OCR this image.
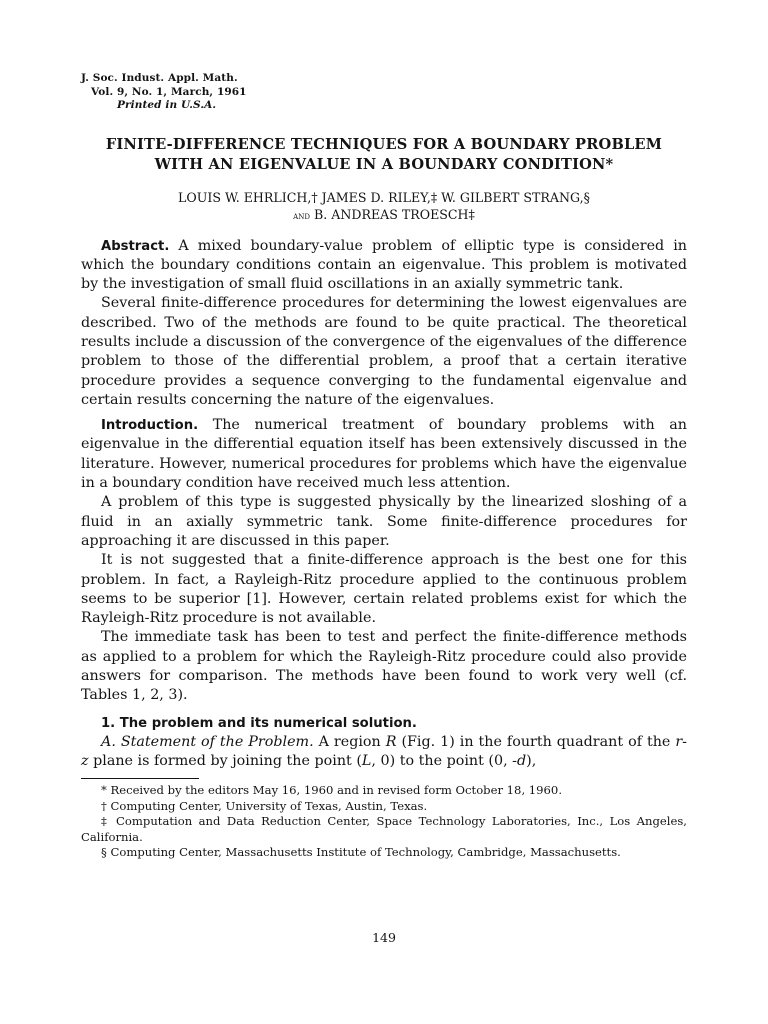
J. Soc. Indust. Appl. Math.
Vol. 9, No. 1, March, 1961
Printed in U.S.A.
FINITE-DIFFERENCE TECHNIQUES FOR A BOUNDARY PROBLEM WITH AN EIGENVALUE IN A BOUNDARY CONDITION*
LOUIS W. EHRLICH,† JAMES D. RILEY,‡ W. GILBERT STRANG,§
and B. ANDREAS TROESCH‡

Abstract. A mixed boundary-value problem of elliptic type is considered in which the boundary conditions contain an eigenvalue. This problem is motivated by the investigation of small fluid oscillations in an axially symmetric tank.

Several finite-difference procedures for determining the lowest eigenvalues are described. Two of the methods are found to be quite practical. The theoretical results include a discussion of the convergence of the eigenvalues of the difference problem to those of the differential problem, a proof that a certain iterative procedure provides a sequence converging to the fundamental eigenvalue and certain results concerning the nature of the eigenvalues.

Introduction. The numerical treatment of boundary problems with an eigenvalue in the differential equation itself has been extensively discussed in the literature. However, numerical procedures for problems which have the eigenvalue in a boundary condition have received much less attention.

A problem of this type is suggested physically by the linearized sloshing of a fluid in an axially symmetric tank. Some finite-difference procedures for approaching it are discussed in this paper.

It is not suggested that a finite-difference approach is the best one for this problem. In fact, a Rayleigh-Ritz procedure applied to the continuous problem seems to be superior [1]. However, certain related problems exist for which the Rayleigh-Ritz procedure is not available.

The immediate task has been to test and perfect the finite-difference methods as applied to a problem for which the Rayleigh-Ritz procedure could also provide answers for comparison. The methods have been found to work very well (cf. Tables 1, 2, 3).

1. The problem and its numerical solution.

A. Statement of the Problem. A region R (Fig. 1) in the fourth quadrant of the r-z plane is formed by joining the point (L, 0) to the point (0, -d),

* Received by the editors May 16, 1960 and in revised form October 18, 1960.

† Computing Center, University of Texas, Austin, Texas.

‡ Computation and Data Reduction Center, Space Technology Laboratories, Inc., Los Angeles, California.

§ Computing Center, Massachusetts Institute of Technology, Cambridge, Massachusetts.

149
